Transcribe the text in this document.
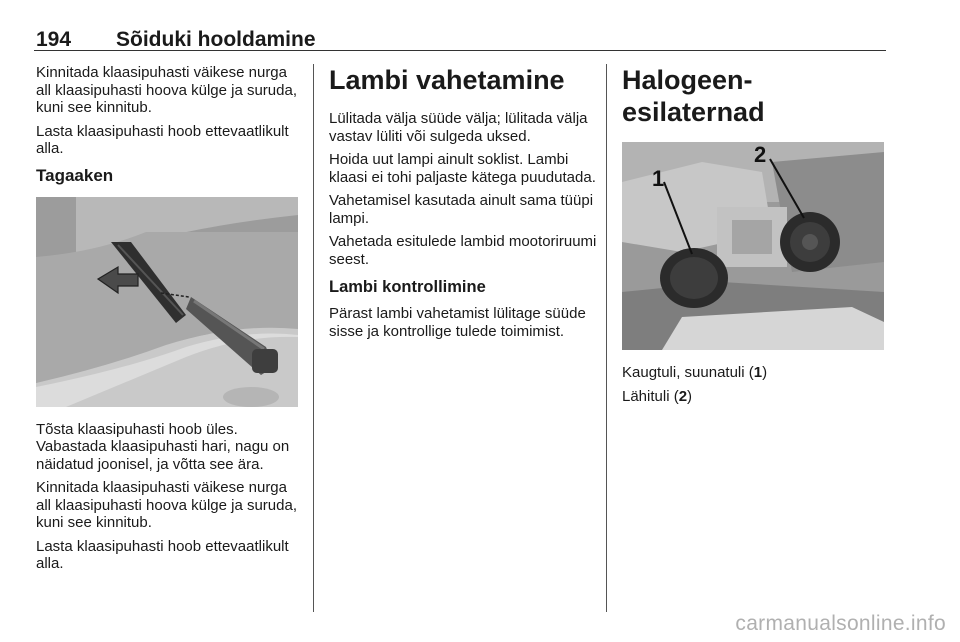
194 Sõiduki hooldamine

Kinnitada klaasipuhasti väikese nurga all klaasipuhasti hoova külge ja suruda, kuni see kinnitub.

Lasta klaasipuhasti hoob ettevaatlikult alla.

Tagaaken

Tõsta klaasipuhasti hoob üles. Vabastada klaasipuhasti hari, nagu on näidatud joonisel, ja võtta see ära.

Kinnitada klaasipuhasti väikese nurga all klaasipuhasti hoova külge ja suruda, kuni see kinnitub.

Lasta klaasipuhasti hoob ettevaatlikult alla.

Lambi vahetamine

Lülitada välja süüde välja; lülitada välja vastav lüliti või sulgeda uksed.

Hoida uut lampi ainult soklist. Lambi klaasi ei tohi paljaste kätega puudutada.

Vahetamisel kasutada ainult sama tüüpi lampi.

Vahetada esitulede lambid mootoriruumi seest.

Lambi kontrollimine

Pärast lambi vahetamist lülitage süüde sisse ja kontrollige tulede toimimist.

Halogeen-esilaternad
1
2

Kaugtuli, suunatuli (1)

Lähituli (2)

carmanualsonline.info
